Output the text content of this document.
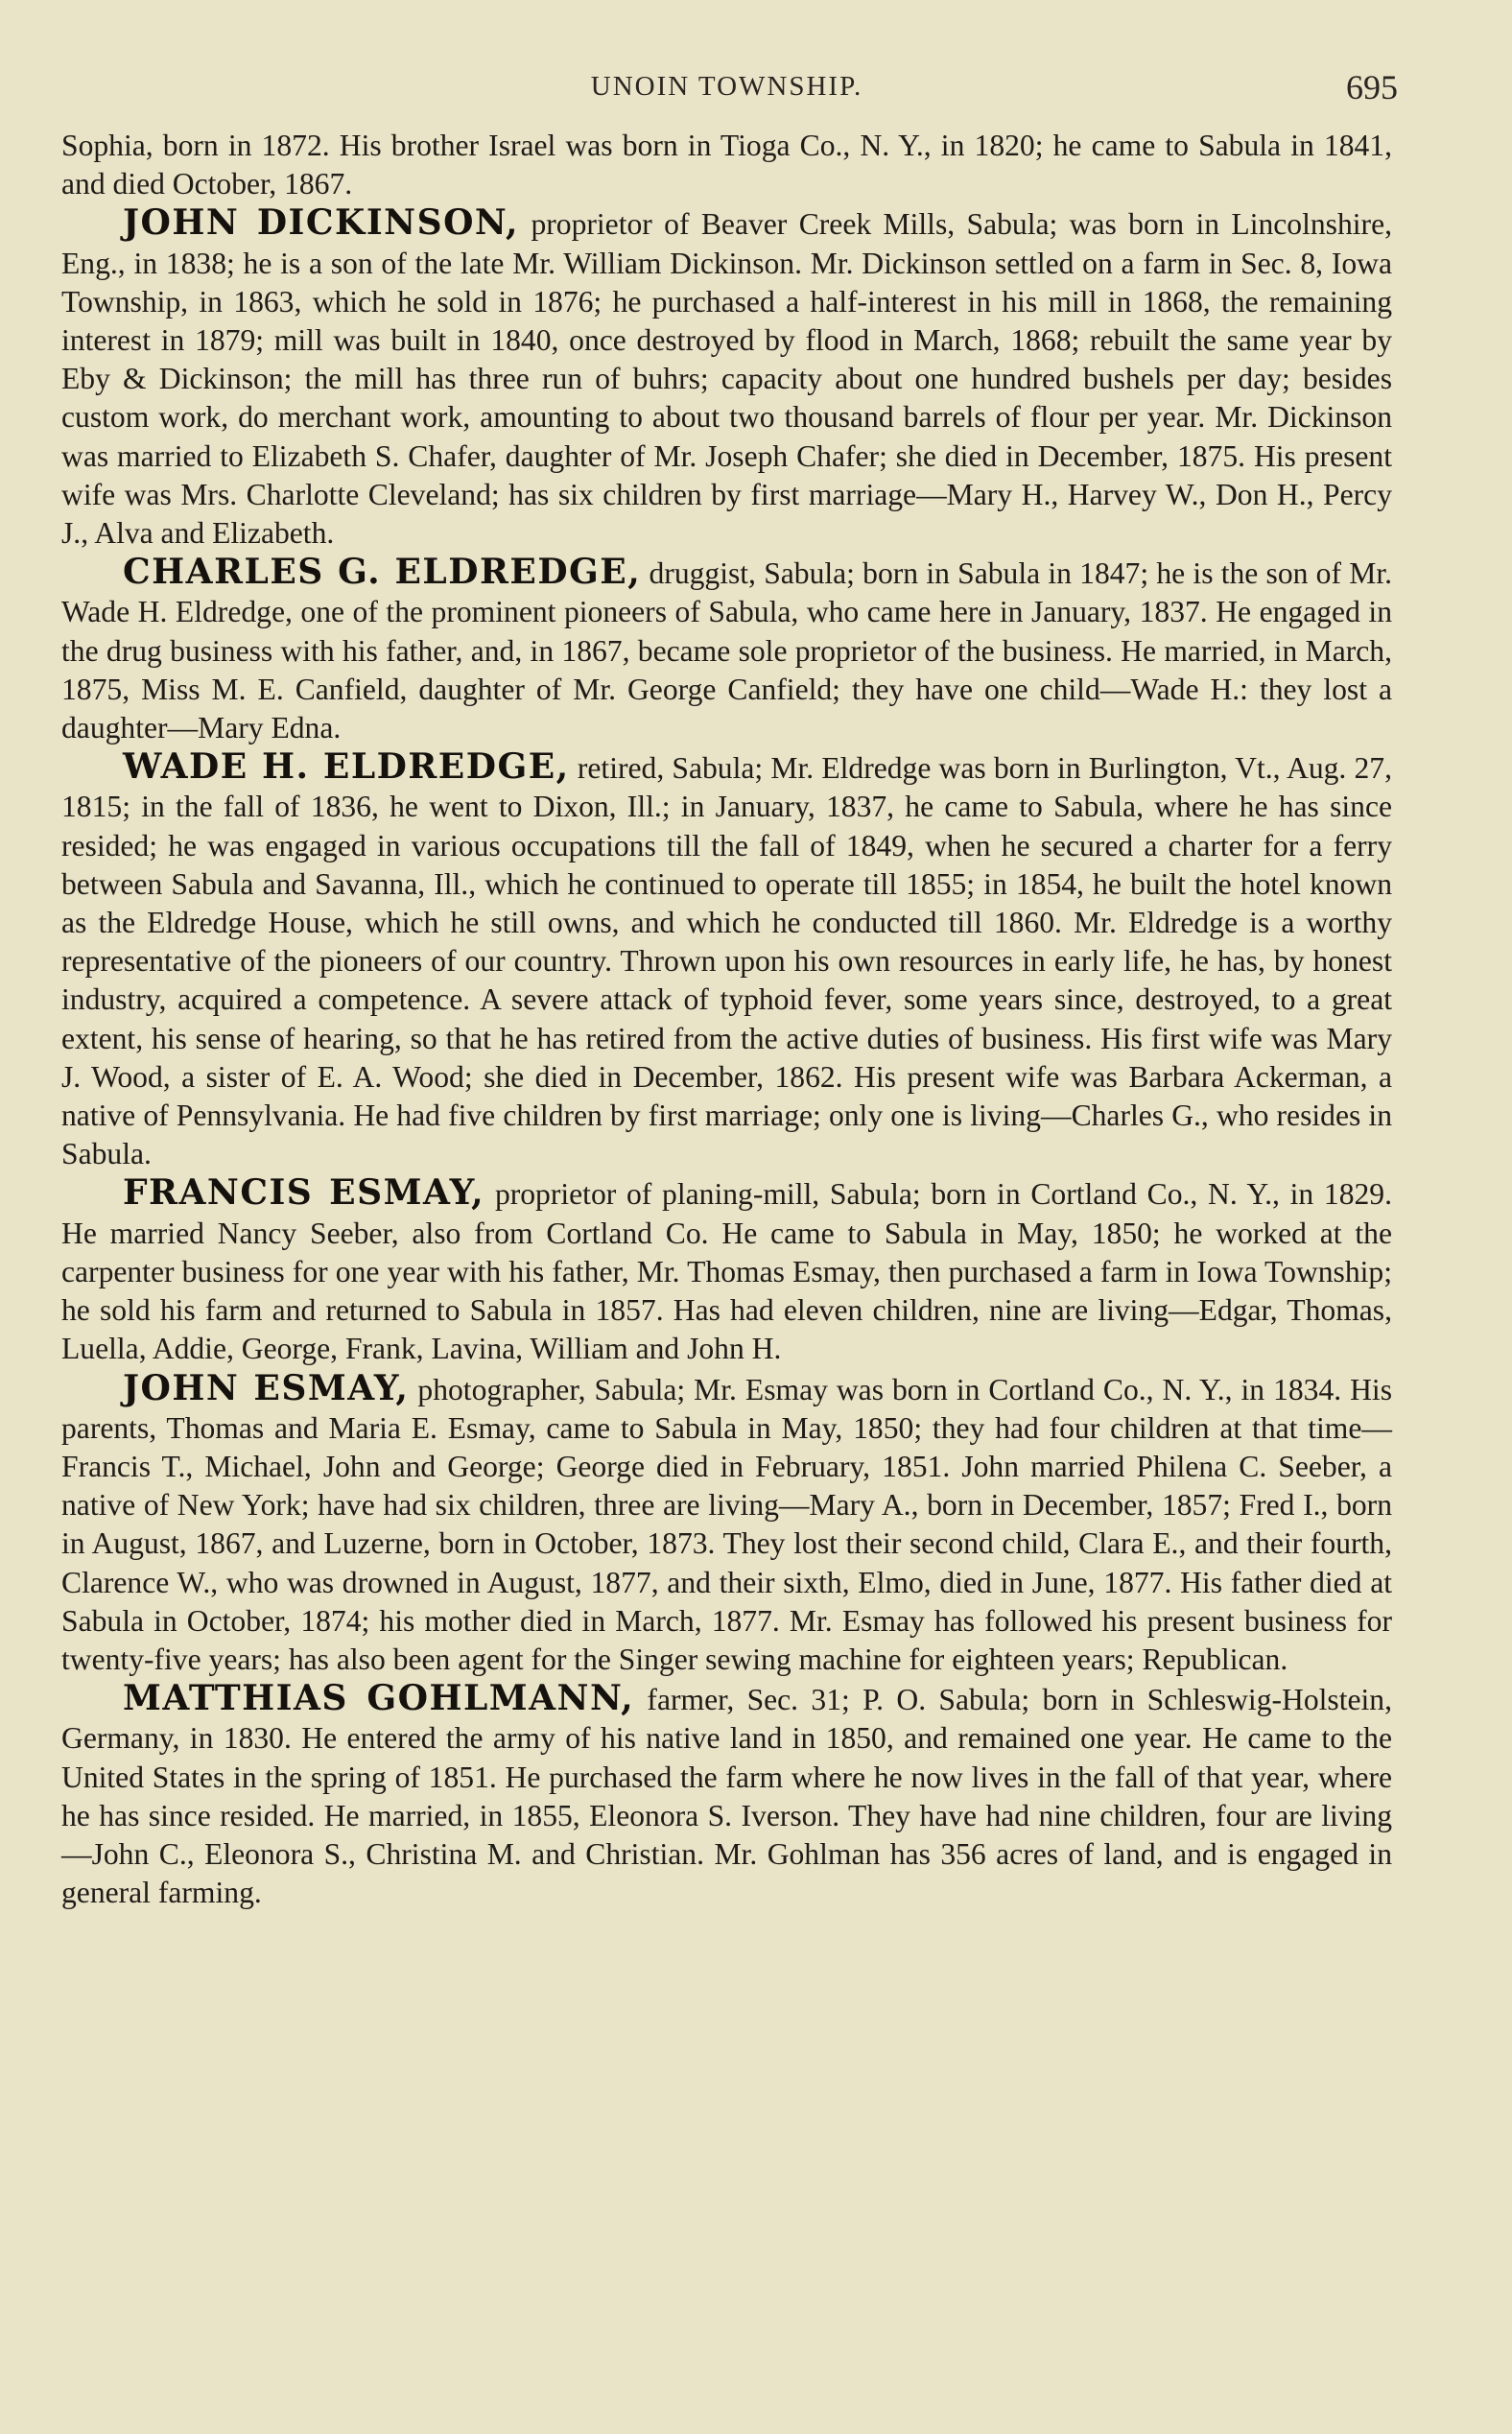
UNOIN TOWNSHIP.	695

Sophia, born in 1872. His brother Israel was born in Tioga Co., N. Y., in 1820; he came to Sabula in 1841, and died October, 1867.

JOHN DICKINSON, proprietor of Beaver Creek Mills, Sabula; was born in Lincolnshire, Eng., in 1838; he is a son of the late Mr. William Dickinson. Mr. Dickinson settled on a farm in Sec. 8, Iowa Township, in 1863, which he sold in 1876; he purchased a half-interest in his mill in 1868, the remaining interest in 1879; mill was built in 1840, once destroyed by flood in March, 1868; rebuilt the same year by Eby & Dickinson; the mill has three run of buhrs; capacity about one hundred bushels per day; besides custom work, do merchant work, amounting to about two thousand barrels of flour per year. Mr. Dickinson was married to Elizabeth S. Chafer, daughter of Mr. Joseph Chafer; she died in December, 1875. His present wife was Mrs. Charlotte Cleveland; has six children by first marriage—Mary H., Harvey W., Don H., Percy J., Alva and Elizabeth.

CHARLES G. ELDREDGE, druggist, Sabula; born in Sabula in 1847; he is the son of Mr. Wade H. Eldredge, one of the prominent pioneers of Sabula, who came here in January, 1837. He engaged in the drug business with his father, and, in 1867, became sole proprietor of the business. He married, in March, 1875, Miss M. E. Canfield, daughter of Mr. George Canfield; they have one child—Wade H.: they lost a daughter—Mary Edna.

WADE H. ELDREDGE, retired, Sabula; Mr. Eldredge was born in Burlington, Vt., Aug. 27, 1815; in the fall of 1836, he went to Dixon, Ill.; in January, 1837, he came to Sabula, where he has since resided; he was engaged in various occupations till the fall of 1849, when he secured a charter for a ferry between Sabula and Savanna, Ill., which he continued to operate till 1855; in 1854, he built the hotel known as the Eldredge House, which he still owns, and which he conducted till 1860. Mr. Eldredge is a worthy representative of the pioneers of our country. Thrown upon his own resources in early life, he has, by honest industry, acquired a competence. A severe attack of typhoid fever, some years since, destroyed, to a great extent, his sense of hearing, so that he has retired from the active duties of business. His first wife was Mary J. Wood, a sister of E. A. Wood; she died in December, 1862. His present wife was Barbara Ackerman, a native of Pennsylvania. He had five children by first marriage; only one is living—Charles G., who resides in Sabula.

FRANCIS ESMAY, proprietor of planing-mill, Sabula; born in Cortland Co., N. Y., in 1829. He married Nancy Seeber, also from Cortland Co. He came to Sabula in May, 1850; he worked at the carpenter business for one year with his father, Mr. Thomas Esmay, then purchased a farm in Iowa Township; he sold his farm and returned to Sabula in 1857. Has had eleven children, nine are living—Edgar, Thomas, Luella, Addie, George, Frank, Lavina, William and John H.

JOHN ESMAY, photographer, Sabula; Mr. Esmay was born in Cortland Co., N. Y., in 1834. His parents, Thomas and Maria E. Esmay, came to Sabula in May, 1850; they had four children at that time—Francis T., Michael, John and George; George died in February, 1851. John married Philena C. Seeber, a native of New York; have had six children, three are living—Mary A., born in December, 1857; Fred I., born in August, 1867, and Luzerne, born in October, 1873. They lost their second child, Clara E., and their fourth, Clarence W., who was drowned in August, 1877, and their sixth, Elmo, died in June, 1877. His father died at Sabula in October, 1874; his mother died in March, 1877. Mr. Esmay has followed his present business for twenty-five years; has also been agent for the Singer sewing machine for eighteen years; Republican.

MATTHIAS GOHLMANN, farmer, Sec. 31; P. O. Sabula; born in Schleswig-Holstein, Germany, in 1830. He entered the army of his native land in 1850, and remained one year. He came to the United States in the spring of 1851. He purchased the farm where he now lives in the fall of that year, where he has since resided. He married, in 1855, Eleonora S. Iverson. They have had nine children, four are living—John C., Eleonora S., Christina M. and Christian. Mr. Gohlman has 356 acres of land, and is engaged in general farming.
